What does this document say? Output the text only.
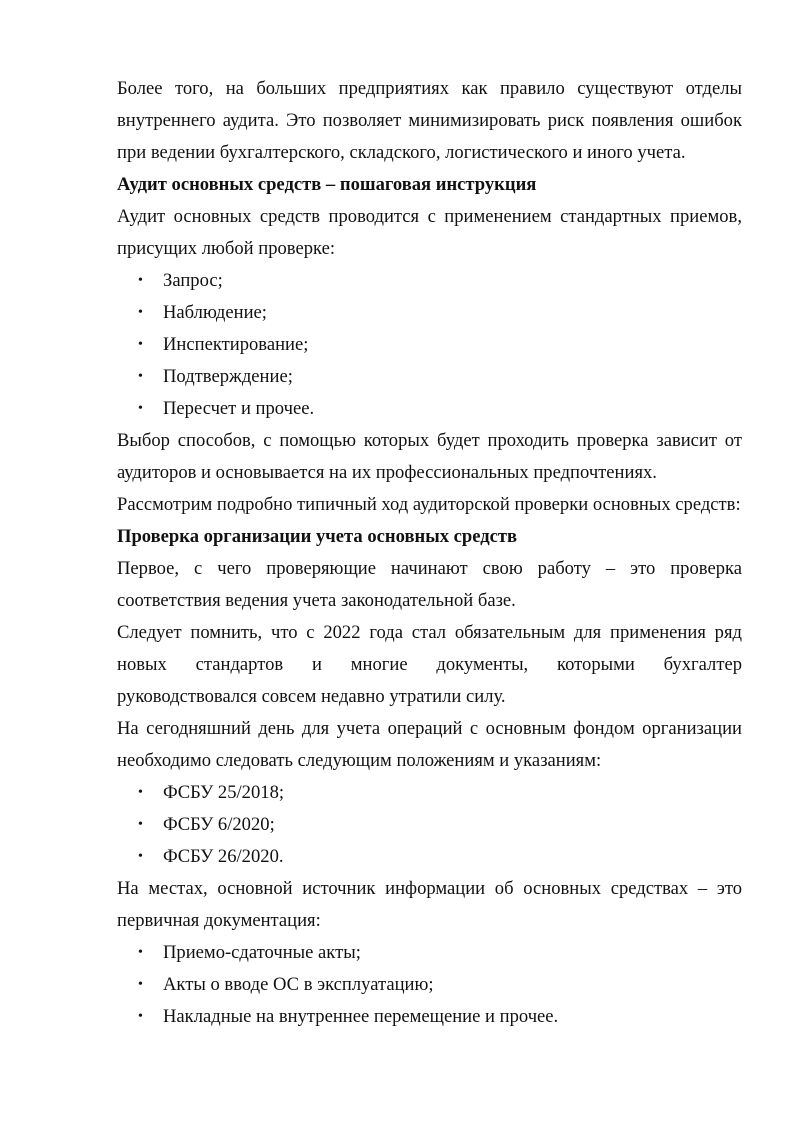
Более того, на больших предприятиях как правило существуют отделы внутреннего аудита. Это позволяет минимизировать риск появления ошибок при ведении бухгалтерского, складского, логистического и иного учета.

Аудит основных средств – пошаговая инструкция

Аудит основных средств проводится с применением стандартных приемов, присущих любой проверке:

• Запрос;
• Наблюдение;
• Инспектирование;
• Подтверждение;
• Пересчет и прочее.

Выбор способов, с помощью которых будет проходить проверка зависит от аудиторов и основывается на их профессиональных предпочтениях.

Рассмотрим подробно типичный ход аудиторской проверки основных средств:

Проверка организации учета основных средств

Первое, с чего проверяющие начинают свою работу – это проверка соответствия ведения учета законодательной базе.

Следует помнить, что с 2022 года стал обязательным для применения ряд

новых стандартов и многие документы, которыми бухгалтер

руководствовался совсем недавно утратили силу.

На сегодняшний день для учета операций с основным фондом организации необходимо следовать следующим положениям и указаниям:

• ФСБУ 25/2018;
• ФСБУ 6/2020;
• ФСБУ 26/2020.

На местах, основной источник информации об основных средствах – это первичная документация:

• Приемо-сдаточные акты;
• Акты о вводе ОС в эксплуатацию;
• Накладные на внутреннее перемещение и прочее.
